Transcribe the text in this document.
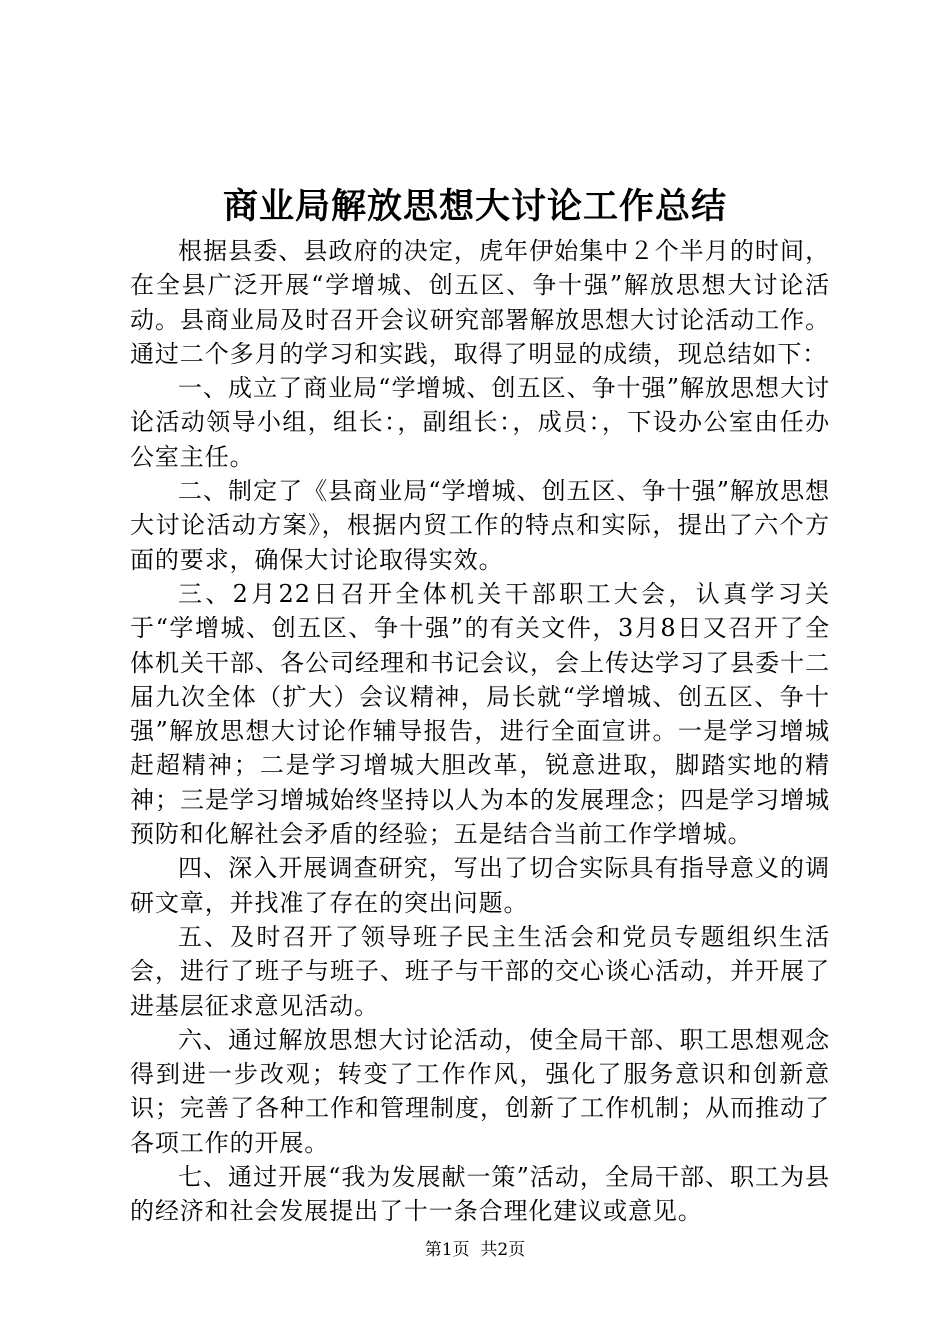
商业局解放思想大讨论工作总结

根据县委、县政府的决定，虎年伊始集中２个半月的时间，在全县广泛开展“学增城、创五区、争十强”解放思想大讨论活动。县商业局及时召开会议研究部署解放思想大讨论活动工作。通过二个多月的学习和实践，取得了明显的成绩，现总结如下：

一、成立了商业局“学增城、创五区、争十强”解放思想大讨论活动领导小组，组长：，副组长：，成员：，下设办公室由任办公室主任。

二、制定了《县商业局“学增城、创五区、争十强”解放思想大讨论活动方案》，根据内贸工作的特点和实际，提出了六个方面的要求，确保大讨论取得实效。

三、2月22日召开全体机关干部职工大会，认真学习关于“学增城、创五区、争十强”的有关文件，3月8日又召开了全体机关干部、各公司经理和书记会议，会上传达学习了县委十二届九次全体（扩大）会议精神，局长就“学增城、创五区、争十强”解放思想大讨论作辅导报告，进行全面宣讲。一是学习增城赶超精神；二是学习增城大胆改革，锐意进取，脚踏实地的精神；三是学习增城始终坚持以人为本的发展理念；四是学习增城预防和化解社会矛盾的经验；五是结合当前工作学增城。

四、深入开展调查研究，写出了切合实际具有指导意义的调研文章，并找准了存在的突出问题。

五、及时召开了领导班子民主生活会和党员专题组织生活会，进行了班子与班子、班子与干部的交心谈心活动，并开展了进基层征求意见活动。

六、通过解放思想大讨论活动，使全局干部、职工思想观念得到进一步改观；转变了工作作风，强化了服务意识和创新意识；完善了各种工作和管理制度，创新了工作机制；从而推动了各项工作的开展。

七、通过开展“我为发展献一策”活动，全局干部、职工为县的经济和社会发展提出了十一条合理化建议或意见。

第1页 共2页
